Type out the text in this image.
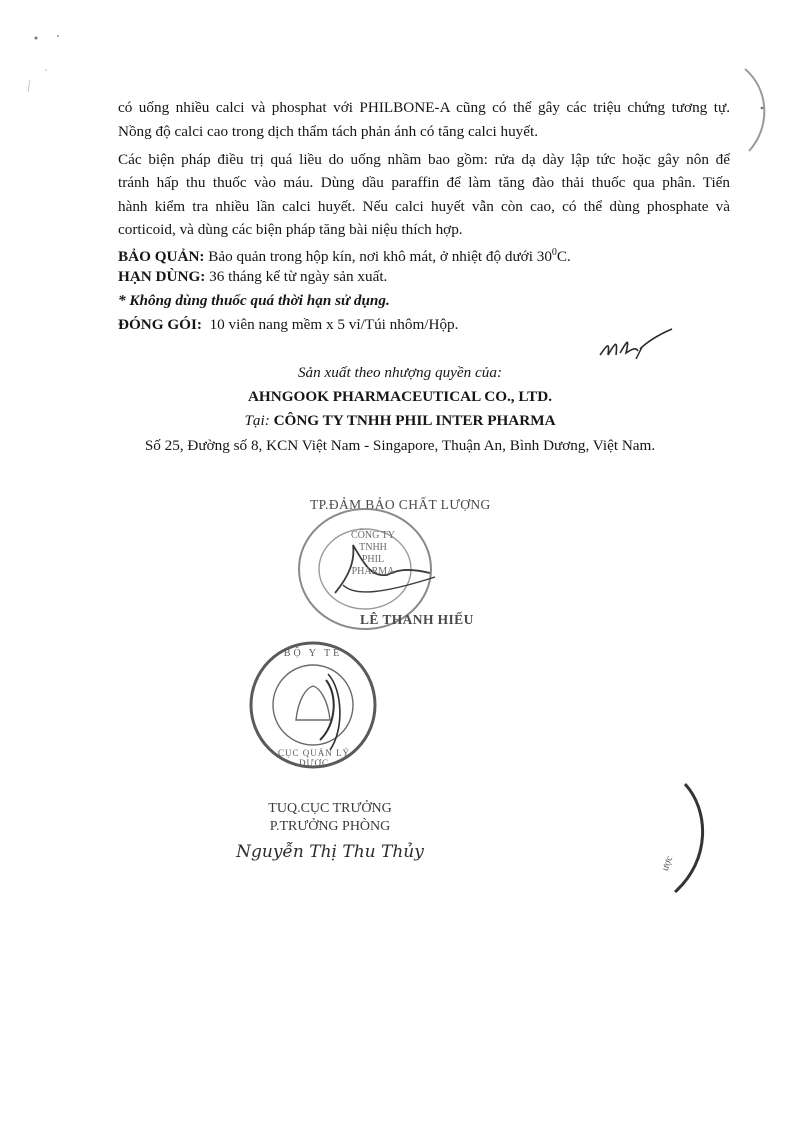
có uống nhiều calci và phosphat với PHILBONE-A cũng có thể gây các triệu chứng tương tự.
Nồng độ calci cao trong dịch thẩm tách phản ánh có tăng calci huyết.
Các biện pháp điều trị quá liều do uống nhầm bao gồm: rửa dạ dày lập tức hoặc gây nôn để
tránh hấp thu thuốc vào máu. Dùng dầu paraffin để làm tăng đào thải thuốc qua phân. Tiến
hành kiểm tra nhiều lần calci huyết. Nếu calci huyết vẫn còn cao, có thể dùng phosphate và
corticoid, và dùng các biện pháp tăng bài niệu thích hợp.
BẢO QUẢN: Bảo quản trong hộp kín, nơi khô mát, ở nhiệt độ dưới $30^0C$.
HẠN DÙNG: 36 tháng kể từ ngày sản xuất.
* Không dùng thuốc quá thời hạn sử dụng.
ĐÓNG GÓI:  10 viên nang mềm x 5 vỉ/Túi nhôm/Hộp.
Sản xuất theo nhượng quyền của:
AHNGOOK PHARMACEUTICAL CO., LTD.
Tại: CÔNG TY TNHH PHIL INTER PHARMA
Số 25, Đường số 8, KCN Việt Nam - Singapore, Thuận An, Bình Dương, Việt Nam.
TP.ĐẢM BẢO CHẤT LƯỢNG
CÔNG TY
TNHH
PHIL
PHARMA
LÊ THANH HIẾU
BỘ Y TẾ
CỤC QUẢN LÝ DƯỢC
TUQ.CỤC TRƯỞNG
P.TRƯỞNG PHÒNG
Nguyễn Thị Thu Thủy
ược
